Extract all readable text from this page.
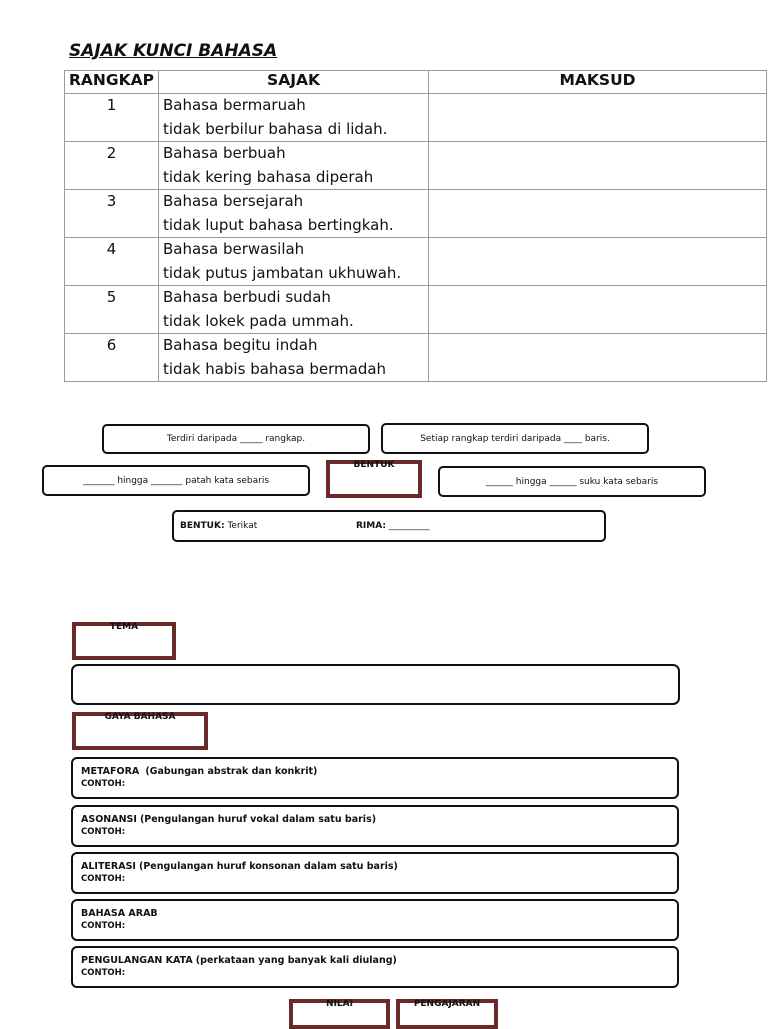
SAJAK KUNCI BAHASA
RANGKAP	SAJAK	MAKSUD
1	Bahasa bermaruah
tidak berbilur bahasa di lidah.	

2	Bahasa berbuah
tidak kering bahasa diperah	

3	Bahasa bersejarah
tidak luput bahasa bertingkah.	

4	Bahasa berwasilah
tidak putus jambatan ukhuwah.	

5	Bahasa berbudi sudah
tidak lokek pada ummah.	

6	Bahasa begitu indah
tidak habis bahasa bermadah	

Terdiri daripada _____ rangkap.	Setiap rangkap terdiri daripada ____ baris.
_______ hingga _______ patah kata sebaris
BENTUK
______ hingga ______ suku kata sebaris
BENTUK: Terikat	RIMA: _________
TEMA
GAYA BAHASA
METAFORA (Gabungan abstrak dan konkrit)
CONTOH:
ASONANSI (Pengulangan huruf vokal dalam satu baris)
CONTOH:
ALITERASI (Pengulangan huruf konsonan dalam satu baris)
CONTOH:
BAHASA ARAB
CONTOH:
PENGULANGAN KATA (perkataan yang banyak kali diulang)
CONTOH:
NILAI	PENGAJARAN
